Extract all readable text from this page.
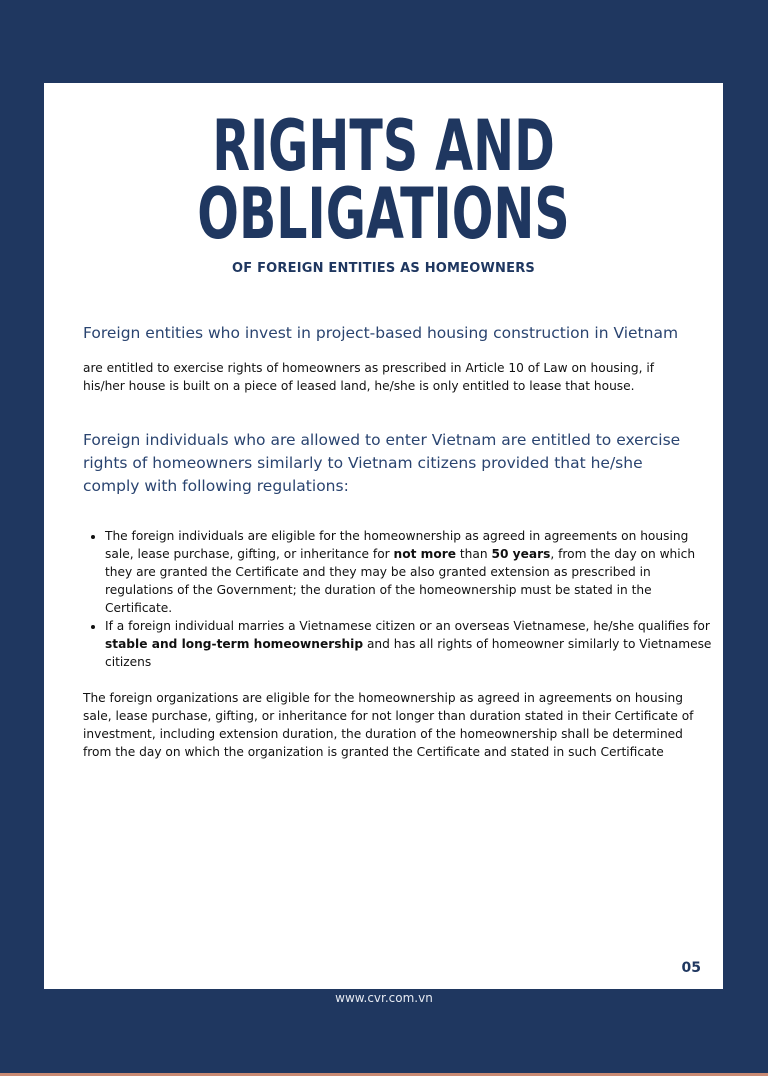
RIGHTS AND
OBLIGATIONS
OF FOREIGN ENTITIES AS HOMEOWNERS
Foreign entities who invest in project-based housing construction in Vietnam
are entitled to exercise rights of homeowners as prescribed in Article 10 of Law on housing, if his/her house is built on a piece of leased land, he/she is only entitled to lease that house.
Foreign individuals who are allowed to enter Vietnam are entitled to exercise rights of homeowners similarly to Vietnam citizens provided that he/she comply with following regulations:
• The foreign individuals are eligible for the homeownership as agreed in agreements on housing sale, lease purchase, gifting, or inheritance for not more than 50 years, from the day on which they are granted the Certificate and they may be also granted extension as prescribed in regulations of the Government; the duration of the homeownership must be stated in the Certificate.
• If a foreign individual marries a Vietnamese citizen or an overseas Vietnamese, he/she qualifies for stable and long-term homeownership and has all rights of homeowner similarly to Vietnamese citizens
The foreign organizations are eligible for the homeownership as agreed in agreements on housing sale, lease purchase, gifting, or inheritance for not longer than duration stated in their Certificate of investment, including extension duration, the duration of the homeownership shall be determined from the day on which the organization is granted the Certificate and stated in such Certificate
05
www.cvr.com.vn
